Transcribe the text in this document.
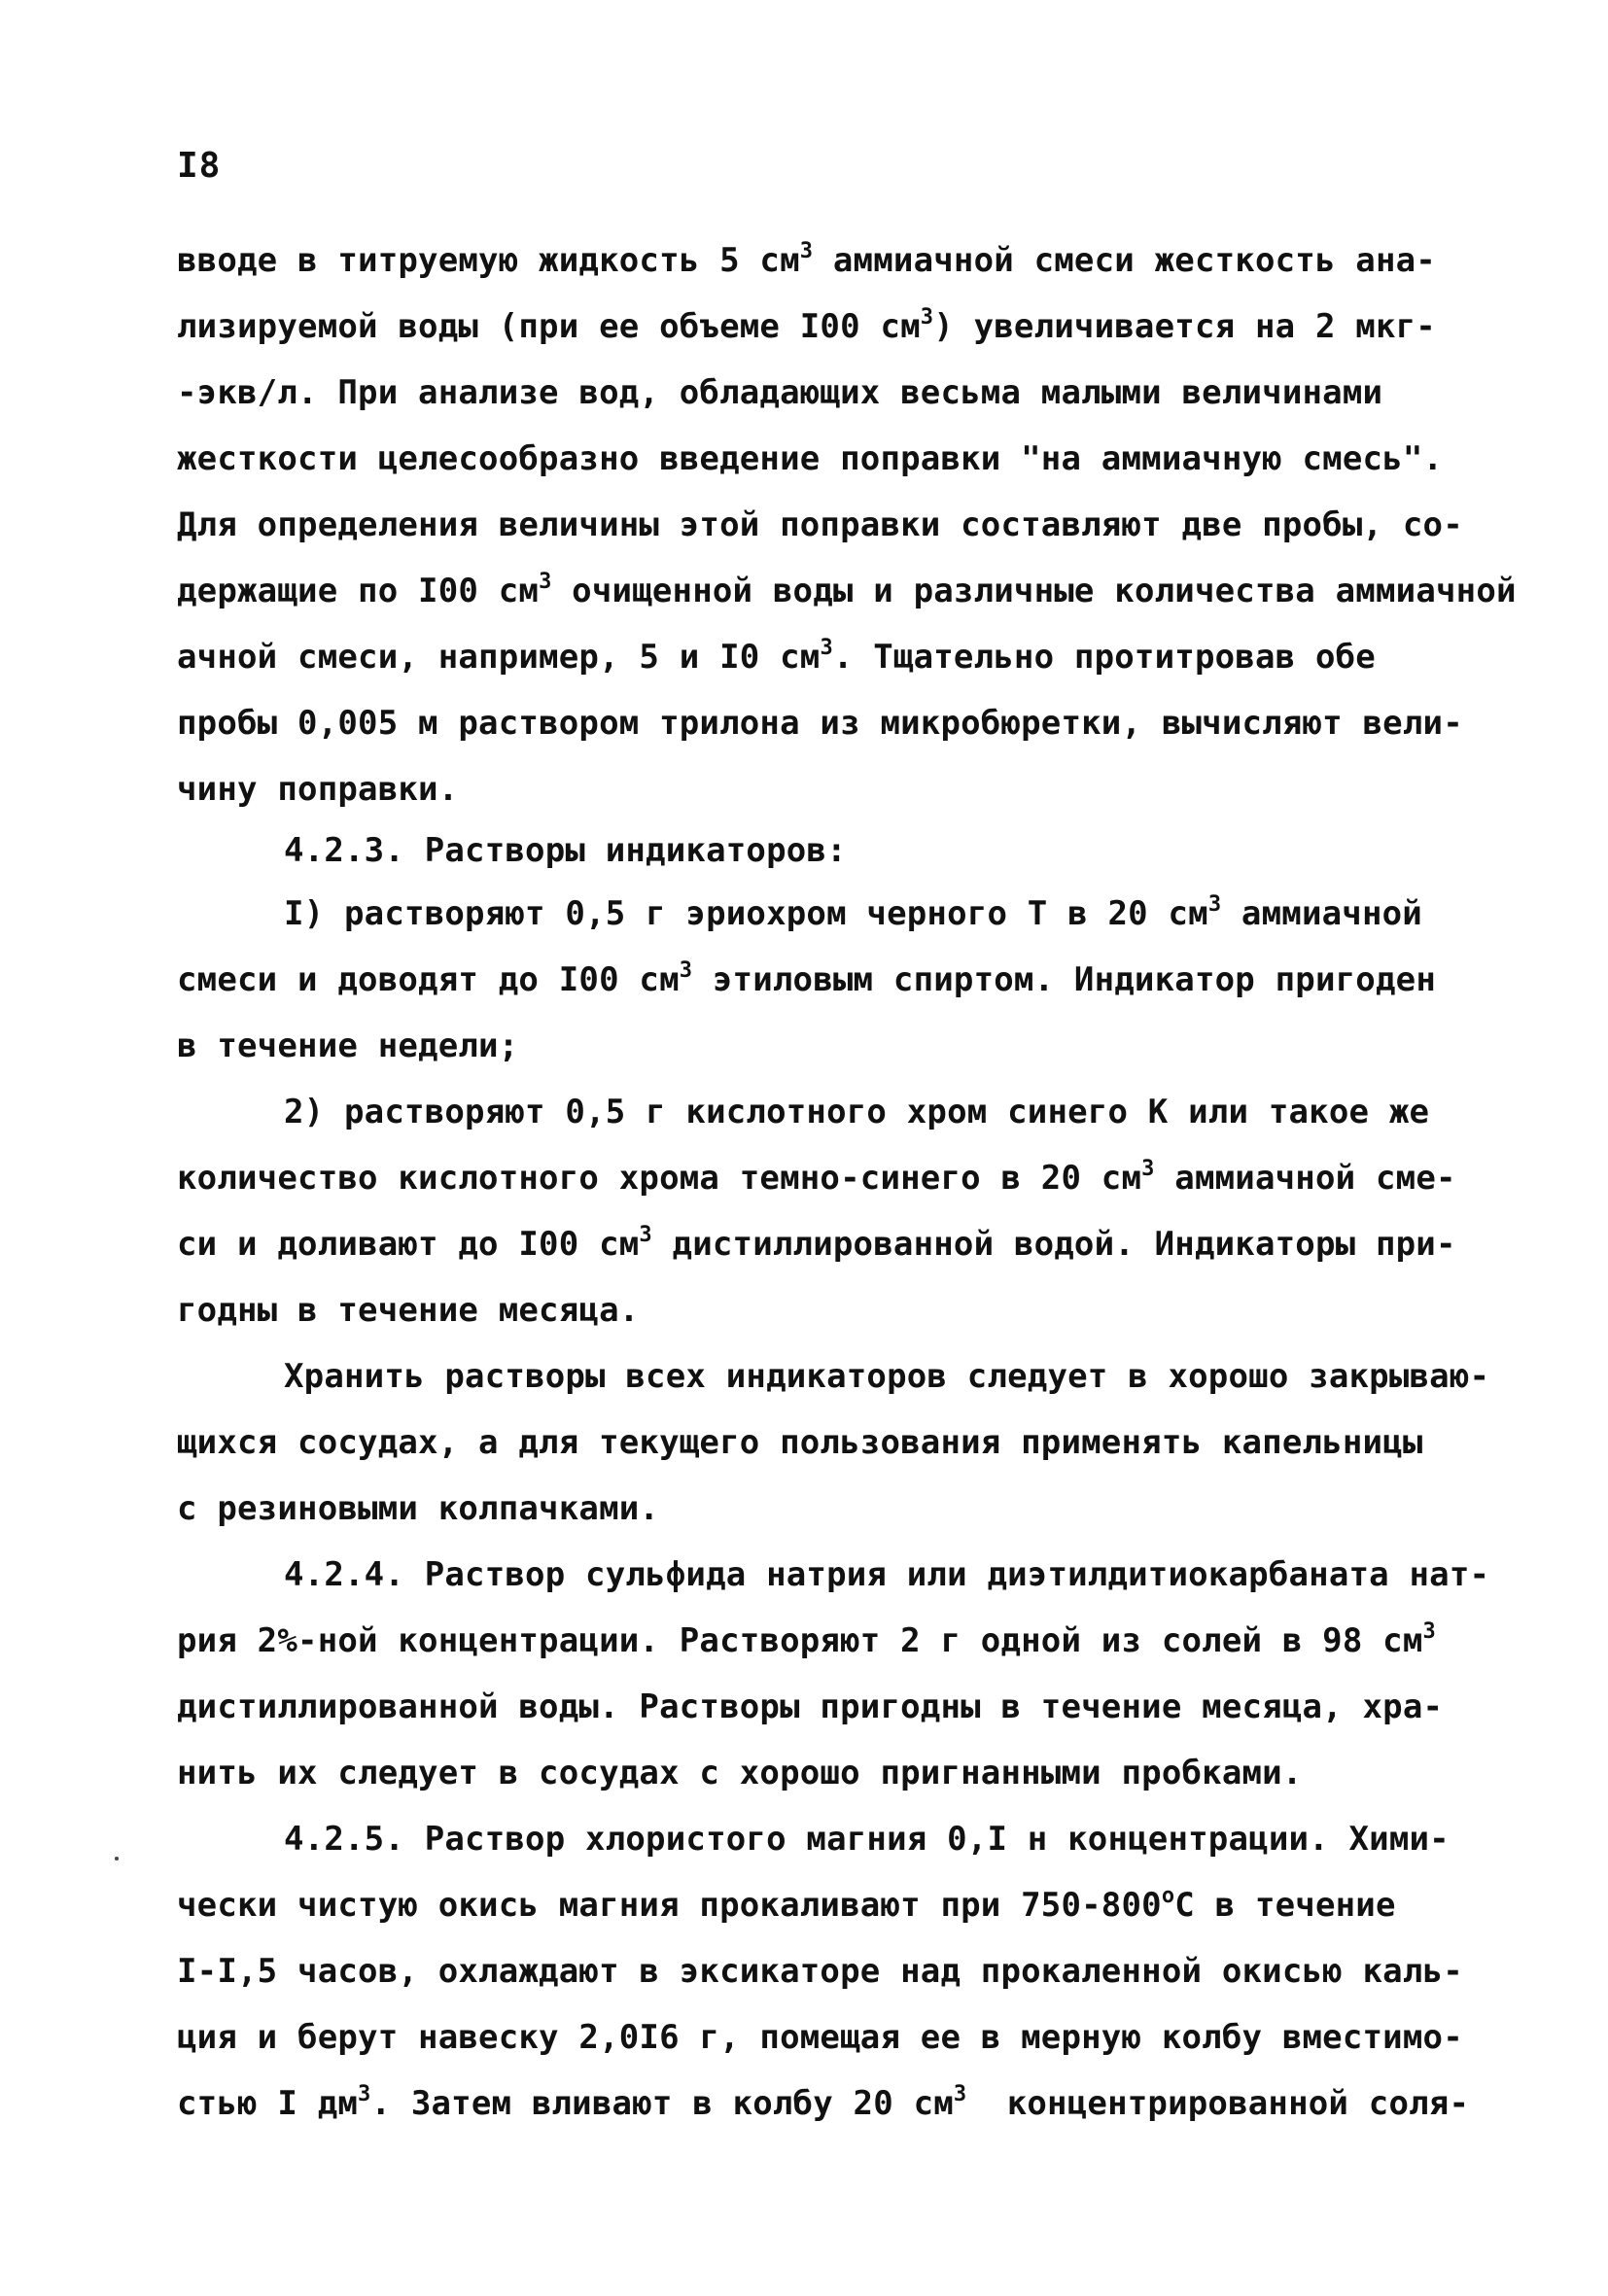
I8
вводе в титруемую жидкость 5 $см^3$ аммиачной смеси жесткость ана-
лизируемой воды (при ее объеме I00 $см^3$) увеличивается на 2 мкг-
-экв/л. При анализе вод, обладающих весьма малыми величинами
жесткости целесообразно введение поправки "на аммиачную смесь".
Для определения величины этой поправки составляют две пробы, со-
держащие по I00 $см^3$ очищенной воды и различные количества аммиачной
ачной смеси, например, 5 и I0 $см^3$. Тщательно протитровав обе
пробы 0,005 м раствором трилона из микробюретки, вычисляют вели-
чину поправки.
4.2.3. Растворы индикаторов:
I) растворяют 0,5 г эриохром черного Т в 20 $см^3$ аммиачной
смеси и доводят до I00 $см^3$ этиловым спиртом. Индикатор пригоден
в течение недели;
2) растворяют 0,5 г кислотного хром синего К или такое же
количество кислотного хрома темно-синего в 20 $см^3$ аммиачной сме-
си и доливают до I00 $см^3$ дистиллированной водой. Индикаторы при-
годны в течение месяца.
Хранить растворы всех индикаторов следует в хорошо закрываю-
щихся сосудах, а для текущего пользования применять капельницы
с резиновыми колпачками.
4.2.4. Раствор сульфида натрия или диэтилдитиокарбаната нат-
рия 2%-ной концентрации. Растворяют 2 г одной из солей в 98 $см^3$
дистиллированной воды. Растворы пригодны в течение месяца, хра-
нить их следует в сосудах с хорошо пригнанными пробками.
4.2.5. Раствор хлористого магния 0,I н концентрации. Хими-
чески чистую окись магния прокаливают при $750-800^оС$ в течение
I-I,5 часов, охлаждают в эксикаторе над прокаленной окисью каль-
ция и берут навеску 2,0I6 г, помещая ее в мерную колбу вместимо-
стью I $дм^3$. Затем вливают в колбу 20 $см^3$  концентрированной соля-
